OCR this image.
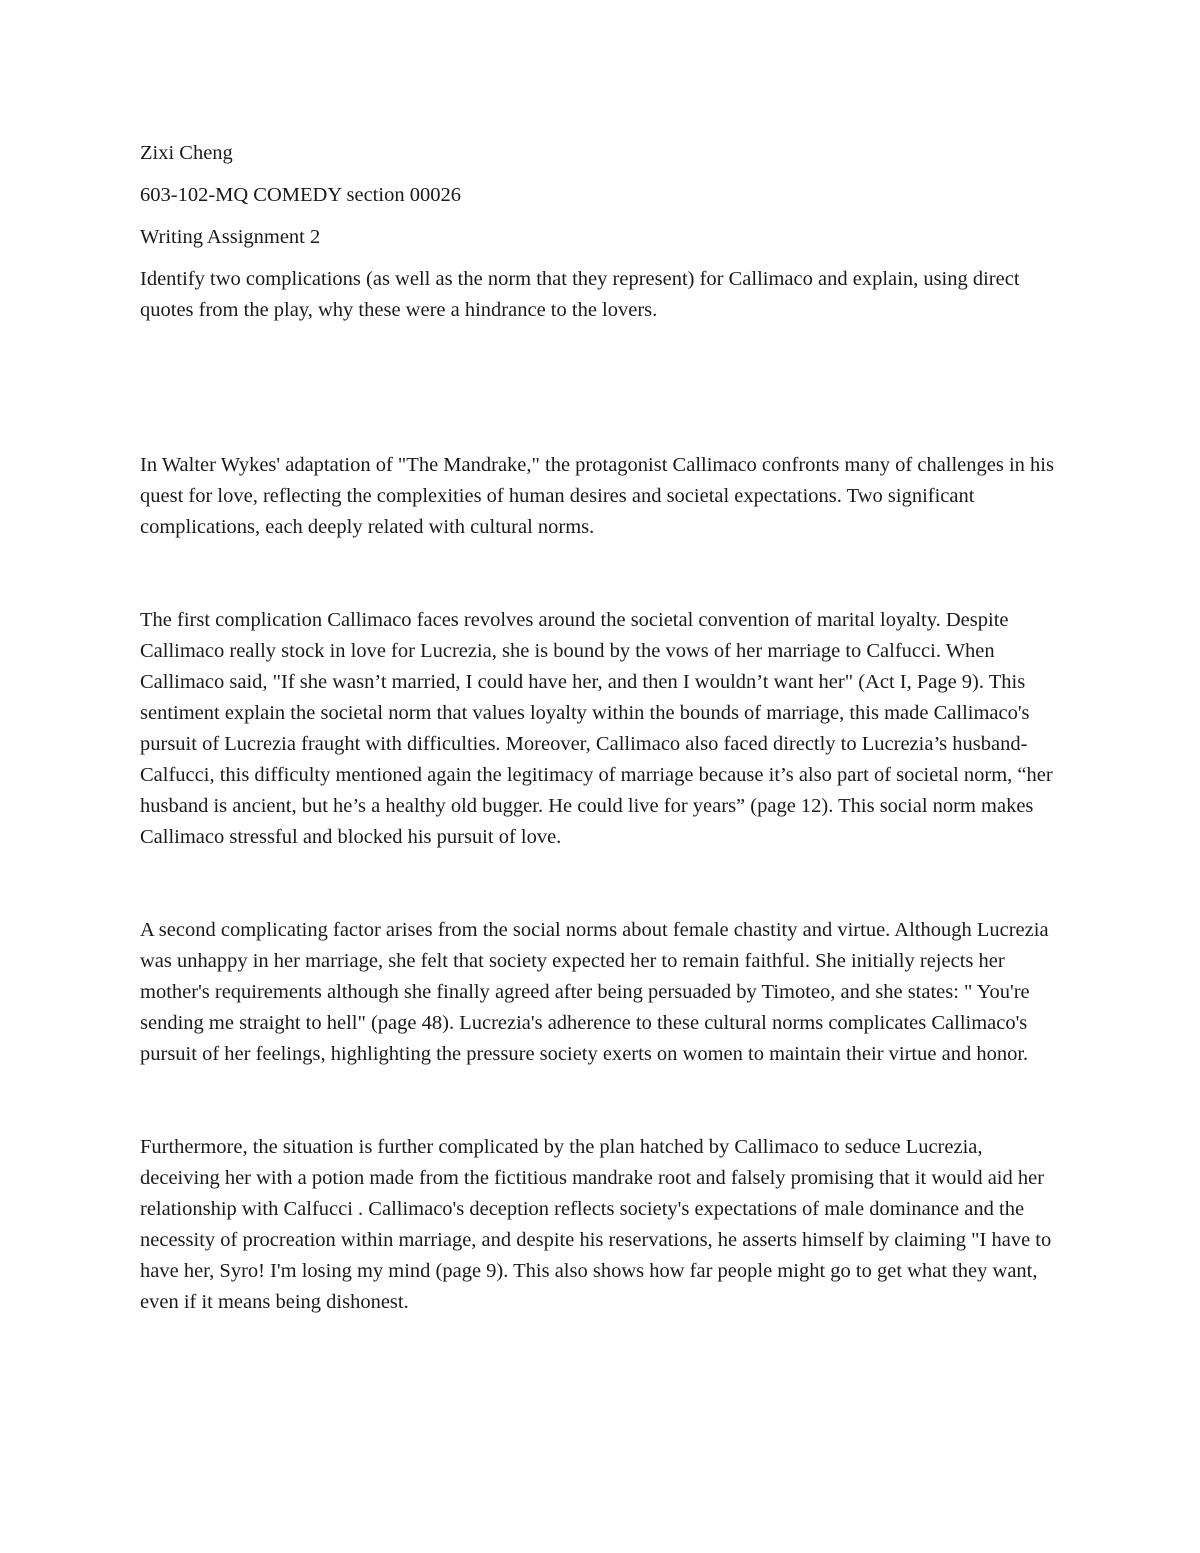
Zixi Cheng

603-102-MQ COMEDY section 00026

Writing Assignment 2

Identify two complications (as well as the norm that they represent) for Callimaco and explain, using direct quotes from the play, why these were a hindrance to the lovers.

In Walter Wykes' adaptation of "The Mandrake," the protagonist Callimaco confronts many of challenges in his quest for love, reflecting the complexities of human desires and societal expectations. Two significant complications, each deeply related with cultural norms.

The first complication Callimaco faces revolves around the societal convention of marital loyalty. Despite Callimaco really stock in love for Lucrezia, she is bound by the vows of her marriage to Calfucci. When Callimaco said, "If she wasn’t married, I could have her, and then I wouldn’t want her" (Act I, Page 9). This sentiment explain the societal norm that values loyalty within the bounds of marriage, this made Callimaco's pursuit of Lucrezia fraught with difficulties. Moreover, Callimaco also faced directly to Lucrezia’s husband- Calfucci, this difficulty mentioned again the legitimacy of marriage because it’s also part of societal norm, “her husband is ancient, but he’s a healthy old bugger. He could live for years” (page 12). This social norm makes Callimaco stressful and blocked his pursuit of love.

A second complicating factor arises from the social norms about female chastity and virtue. Although Lucrezia was unhappy in her marriage, she felt that society expected her to remain faithful. She initially rejects her mother's requirements although she finally agreed after being persuaded by Timoteo, and she states: " You're sending me straight to hell" (page 48). Lucrezia's adherence to these cultural norms complicates Callimaco's pursuit of her feelings, highlighting the pressure society exerts on women to maintain their virtue and honor.

Furthermore, the situation is further complicated by the plan hatched by Callimaco to seduce Lucrezia, deceiving her with a potion made from the fictitious mandrake root and falsely promising that it would aid her relationship with Calfucci . Callimaco's deception reflects society's expectations of male dominance and the necessity of procreation within marriage, and despite his reservations, he asserts himself by claiming "I have to have her, Syro! I'm losing my mind (page 9). This also shows how far people might go to get what they want, even if it means being dishonest.
